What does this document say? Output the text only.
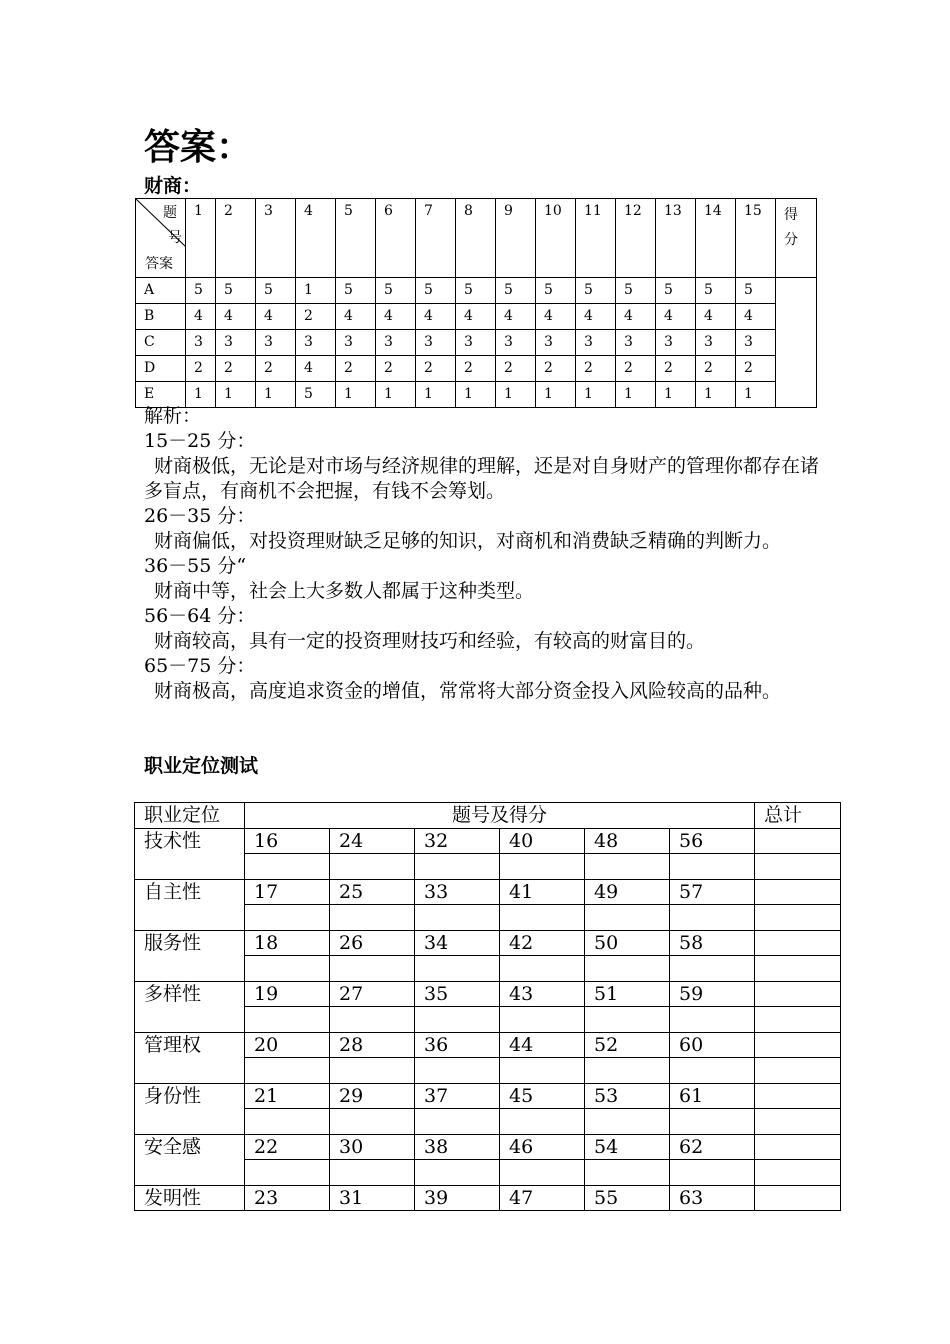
答案：
财商：
题
号
答案	1	2	3	4	5	6	7	8	9	10	11	12	13	14	15	得
分
A	5	5	5	1	5	5	5	5	5	5	5	5	5	5	5	
B	4	4	4	2	4	4	4	4	4	4	4	4	4	4	4	
C	3	3	3	3	3	3	3	3	3	3	3	3	3	3	3	
D	2	2	2	4	2	2	2	2	2	2	2	2	2	2	2	
E	1	1	1	5	1	1	1	1	1	1	1	1	1	1	1	

解析：

15－25 分：

财商极低，无论是对市场与经济规律的理解，还是对自身财产的管理你都存在诸多盲点，有商机不会把握，有钱不会筹划。

26－35 分：

财商偏低，对投资理财缺乏足够的知识，对商机和消费缺乏精确的判断力。

36－55 分“

财商中等，社会上大多数人都属于这种类型。

56－64 分：

财商较高，具有一定的投资理财技巧和经验，有较高的财富目的。

65－75 分：

财商极高，高度追求资金的增值，常常将大部分资金投入风险较高的品种。

职业定位测试
职业定位	题号及得分						总计
技术性	16	24	32	40	48	56	

自主性	17	25	33	41	49	57	

服务性	18	26	34	42	50	58	

多样性	19	27	35	43	51	59	

管理权	20	28	36	44	52	60	

身份性	21	29	37	45	53	61	

安全感	22	30	38	46	54	62	

发明性	23	31	39	47	55	63	
